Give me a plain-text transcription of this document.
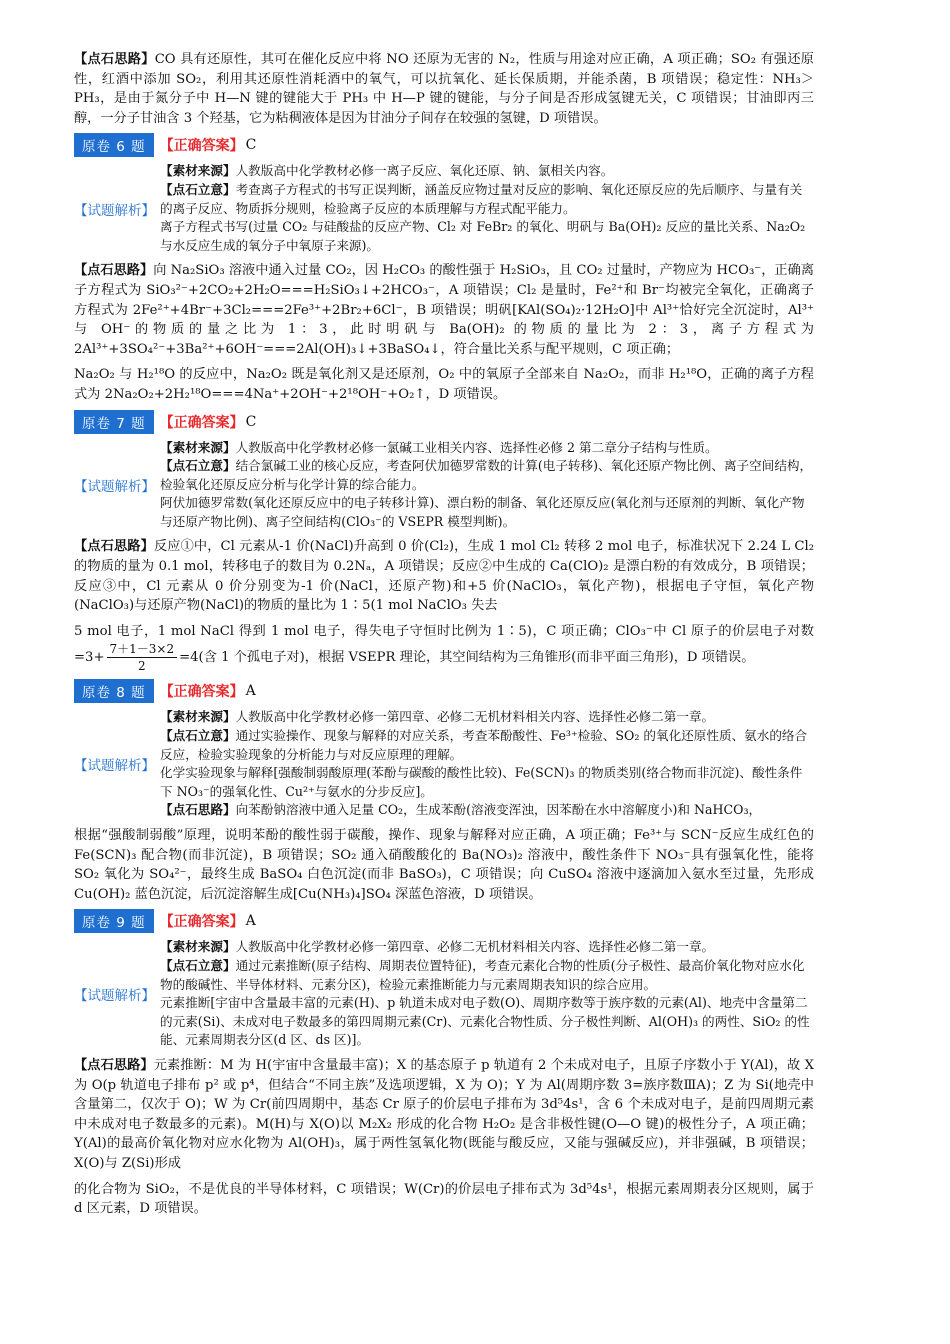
【点石思路】CO 具有还原性，其可在催化反应中将 NO 还原为无害的 N₂，性质与用途对应正确，A 项正确；SO₂ 有强还原性，红酒中添加 SO₂，利用其还原性消耗酒中的氧气，可以抗氧化、延长保质期，并能杀菌，B 项错误；稳定性：NH₃＞PH₃，是由于氮分子中 H—N 键的键能大于 PH₃ 中 H—P 键的键能，与分子间是否形成氢键无关，C 项错误；甘油即丙三醇，一分子甘油含 3 个羟基，它为粘稠液体是因为甘油分子间存在较强的氢键，D 项错误。

原卷 6 题	【正确答案】 C
【试题解析】

【素材来源】人教版高中化学教材必修一离子反应、氧化还原、钠、氯相关内容。

【点石立意】考查离子方程式的书写正误判断，涵盖反应物过量对反应的影响、氧化还原反应的先后顺序、与量有关的离子反应、物质拆分规则，检验离子反应的本质理解与方程式配平能力。

离子方程式书写(过量 CO₂ 与硅酸盐的反应产物、Cl₂ 对 FeBr₂ 的氧化、明矾与 Ba(OH)₂ 反应的量比关系、Na₂O₂ 与水反应生成的氧分子中氧原子来源)。

【点石思路】向 Na₂SiO₃ 溶液中通入过量 CO₂，因 H₂CO₃ 的酸性强于 H₂SiO₃，且 CO₂ 过量时，产物应为 HCO₃⁻，正确离子方程式为 SiO₃²⁻+2CO₂+2H₂O===H₂SiO₃↓+2HCO₃⁻，A 项错误；Cl₂ 是量时，Fe²⁺和 Br⁻均被完全氧化，正确离子方程式为 2Fe²⁺+4Br⁻+3Cl₂===2Fe³⁺+2Br₂+6Cl⁻，B 项错误；明矾[KAl(SO₄)₂·12H₂O]中 Al³⁺恰好完全沉淀时，Al³⁺与 OH⁻的物质的量之比为 1：3，此时明矾与 Ba(OH)₂ 的物质的量比为 2：3，离子方程式为 2Al³⁺+3SO₄²⁻+3Ba²⁺+6OH⁻===2Al(OH)₃↓+3BaSO₄↓，符合量比关系与配平规则，C 项正确；

Na₂O₂ 与 H₂¹⁸O 的反应中，Na₂O₂ 既是氧化剂又是还原剂，O₂ 中的氧原子全部来自 Na₂O₂，而非 H₂¹⁸O，正确的离子方程式为 2Na₂O₂+2H₂¹⁸O===4Na⁺+2OH⁻+2¹⁸OH⁻+O₂↑，D 项错误。

原卷 7 题	【正确答案】 C
【试题解析】

【素材来源】人教版高中化学教材必修一氯碱工业相关内容、选择性必修 2 第二章分子结构与性质。

【点石立意】结合氯碱工业的核心反应，考查阿伏加德罗常数的计算(电子转移)、氧化还原产物比例、离子空间结构，检验氧化还原反应分析与化学计算的综合能力。

阿伏加德罗常数(氧化还原反应中的电子转移计算)、漂白粉的制备、氧化还原反应(氧化剂与还原剂的判断、氧化产物与还原产物比例)、离子空间结构(ClO₃⁻的 VSEPR 模型判断)。

【点石思路】反应①中，Cl 元素从-1 价(NaCl)升高到 0 价(Cl₂)，生成 1 mol Cl₂ 转移 2 mol 电子，标准状况下 2.24 L Cl₂ 的物质的量为 0.1 mol，转移电子的数目为 0.2Nₐ，A 项错误；反应②中生成的 Ca(ClO)₂ 是漂白粉的有效成分，B 项错误；反应③中，Cl 元素从 0 价分别变为-1 价(NaCl，还原产物)和+5 价(NaClO₃，氧化产物)，根据电子守恒，氧化产物(NaClO₃)与还原产物(NaCl)的物质的量比为 1∶5(1 mol NaClO₃ 失去

5 mol 电子，1 mol NaCl 得到 1 mol 电子，得失电子守恒时比例为 1∶5)，C 项正确；ClO₃⁻中 Cl 原子的价层电子对数$=3+ \frac{7+1-3\times 2}{2} =4$(含 1 个孤电子对)，根据 VSEPR 理论，其空间结构为三角锥形(而非平面三角形)，D 项错误。

原卷 8 题	【正确答案】 A
【试题解析】

【素材来源】人教版高中化学教材必修一第四章、必修二无机材料相关内容、选择性必修二第一章。

【点石立意】通过实验操作、现象与解释的对应关系，考查苯酚酸性、Fe³⁺检验、SO₂ 的氧化还原性质、氨水的络合反应，检验实验现象的分析能力与对反应原理的理解。

化学实验现象与解释[强酸制弱酸原理(苯酚与碳酸的酸性比较)、Fe(SCN)₃ 的物质类别(络合物而非沉淀)、酸性条件下 NO₃⁻的强氧化性、Cu²⁺与氨水的分步反应]。

【点石思路】向苯酚钠溶液中通入足量 CO₂，生成苯酚(溶液变浑浊，因苯酚在水中溶解度小)和 NaHCO₃，

根据“强酸制弱酸”原理，说明苯酚的酸性弱于碳酸，操作、现象与解释对应正确，A 项正确；Fe³⁺与 SCN⁻反应生成红色的 Fe(SCN)₃ 配合物(而非沉淀)，B 项错误；SO₂ 通入硝酸酸化的 Ba(NO₃)₂ 溶液中，酸性条件下 NO₃⁻具有强氧化性，能将 SO₂ 氧化为 SO₄²⁻，最终生成 BaSO₄ 白色沉淀(而非 BaSO₃)，C 项错误；向 CuSO₄ 溶液中逐滴加入氨水至过量，先形成 Cu(OH)₂ 蓝色沉淀，后沉淀溶解生成[Cu(NH₃)₄]SO₄ 深蓝色溶液，D 项错误。

原卷 9 题	【正确答案】 A
【试题解析】

【素材来源】人教版高中化学教材必修一第四章、必修二无机材料相关内容、选择性必修二第一章。

【点石立意】通过元素推断(原子结构、周期表位置特征)，考查元素化合物的性质(分子极性、最高价氧化物对应水化物的酸碱性、半导体材料、元素分区)，检验元素推断能力与元素周期表知识的综合应用。

元素推断[宇宙中含量最丰富的元素(H)、p 轨道未成对电子数(O)、周期序数等于族序数的元素(Al)、地壳中含量第二的元素(Si)、未成对电子数最多的第四周期元素(Cr)、元素化合物性质、分子极性判断、Al(OH)₃ 的两性、SiO₂ 的性能、元素周期表分区(d 区、ds 区)]。

【点石思路】元素推断：M 为 H(宇宙中含量最丰富)；X 的基态原子 p 轨道有 2 个未成对电子，且原子序数小于 Y(Al)，故 X 为 O(p 轨道电子排布 p² 或 p⁴，但结合“不同主族”及选项逻辑，X 为 O)；Y 为 Al(周期序数 3=族序数ⅢA)；Z 为 Si(地壳中含量第二，仅次于 O)；W 为 Cr(前四周期中，基态 Cr 原子的价层电子排布为 3d⁵4s¹，含 6 个未成对电子，是前四周期元素中未成对电子数最多的元素)。M(H)与 X(O)以 M₂X₂ 形成的化合物 H₂O₂ 是含非极性键(O—O 键)的极性分子，A 项正确；Y(Al)的最高价氧化物对应水化物为 Al(OH)₃，属于两性氢氧化物(既能与酸反应，又能与强碱反应)，并非强碱，B 项错误；X(O)与 Z(Si)形成

的化合物为 SiO₂，不是优良的半导体材料，C 项错误；W(Cr)的价层电子排布式为 3d⁵4s¹，根据元素周期表分区规则，属于 d 区元素，D 项错误。
